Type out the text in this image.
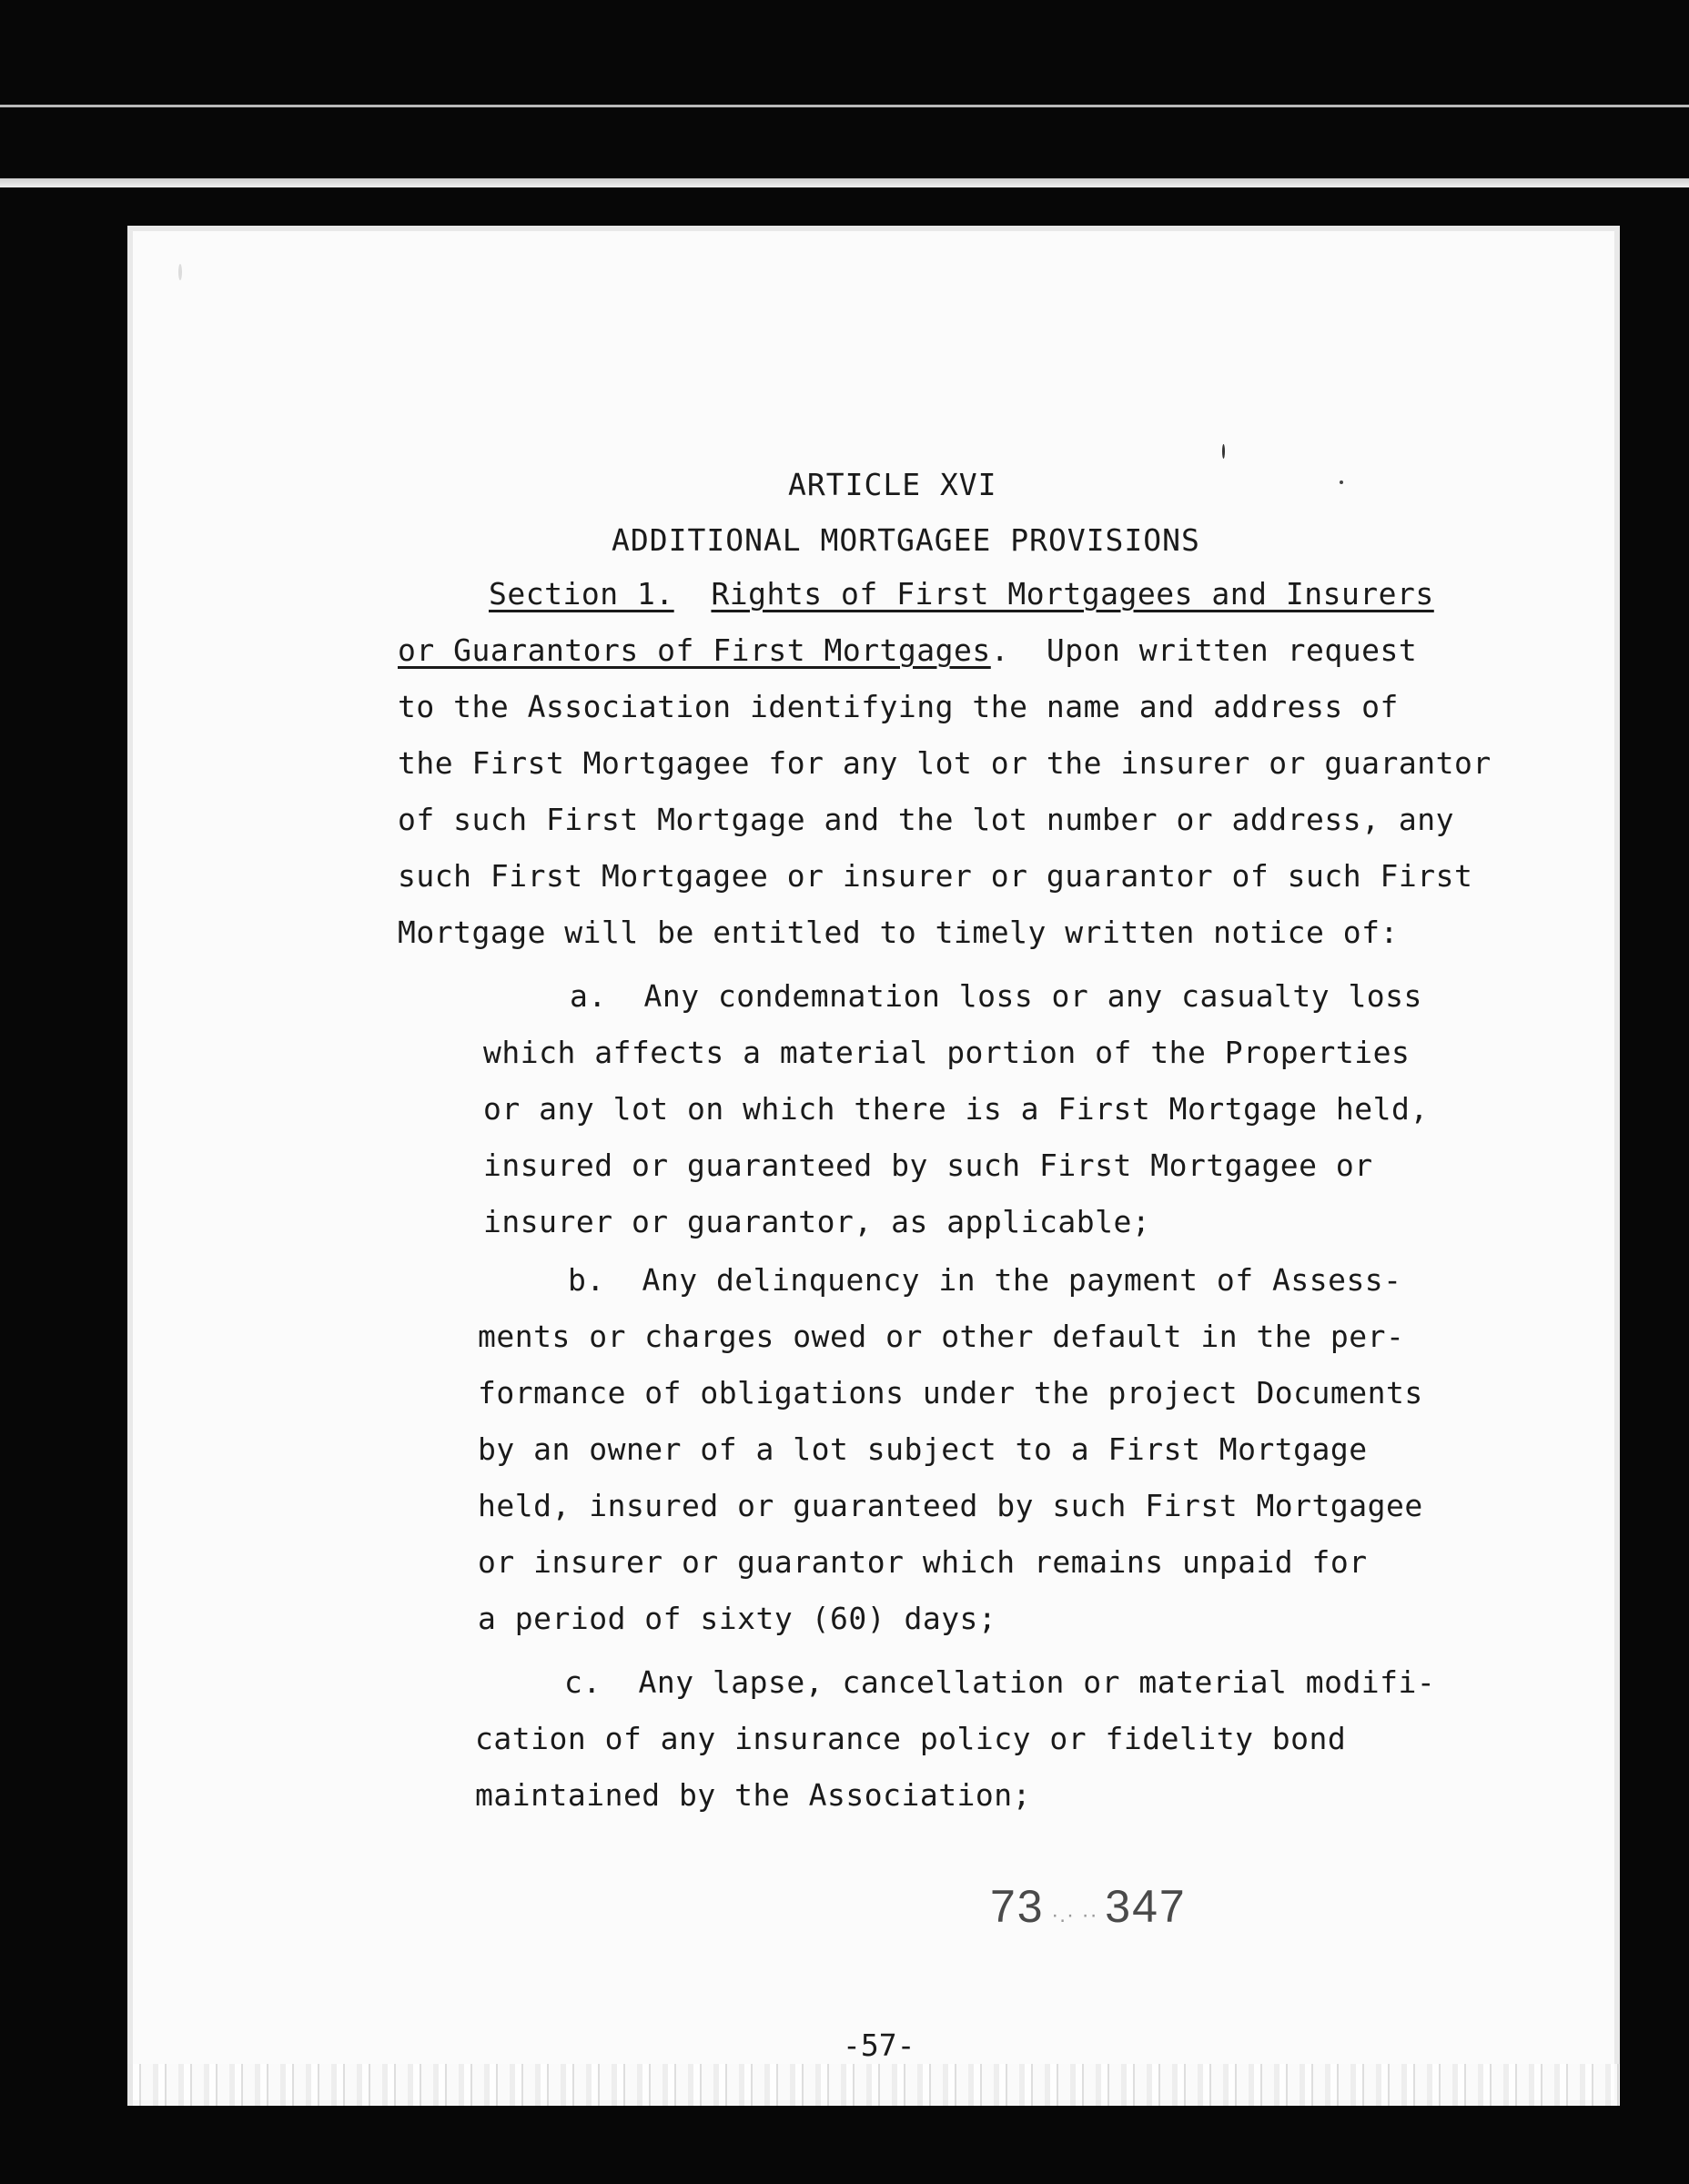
ARTICLE XVI
ADDITIONAL MORTGAGEE PROVISIONS
Section 1. Rights of First Mortgagees and Insurers
or Guarantors of First Mortgages. Upon written request
to the Association identifying the name and address of
the First Mortgagee for any lot or the insurer or guarantor
of such First Mortgage and the lot number or address, any
such First Mortgagee or insurer or guarantor of such First
Mortgage will be entitled to timely written notice of:
a.  Any condemnation loss or any casualty loss
which affects a material portion of the Properties
or any lot on which there is a First Mortgage held,
insured or guaranteed by such First Mortgagee or
insurer or guarantor, as applicable;
b.  Any delinquency in the payment of Assess-
ments or charges owed or other default in the per-
formance of obligations under the project Documents
by an owner of a lot subject to a First Mortgage
held, insured or guaranteed by such First Mortgagee
or insurer or guarantor which remains unpaid for
a period of sixty (60) days;
c.  Any lapse, cancellation or material modifi-
cation of any insurance policy or fidelity bond
maintained by the Association;
73 ·.· ·· 347
-57-
